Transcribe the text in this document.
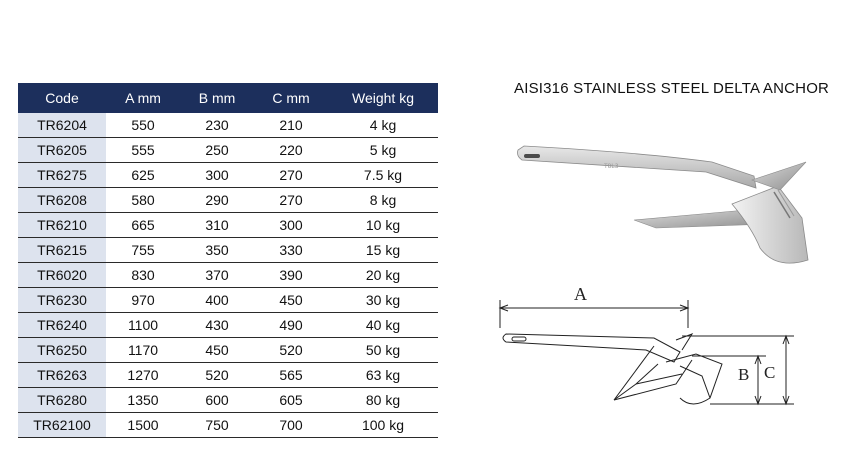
Code	A mm	B mm	C mm	Weight kg
TR6204	550	230	210	4 kg
TR6205	555	250	220	5 kg
TR6275	625	300	270	7.5 kg
TR6208	580	290	270	8 kg
TR6210	665	310	300	10 kg
TR6215	755	350	330	15 kg
TR6020	830	370	390	20 kg
TR6230	970	400	450	30 kg
TR6240	1100	430	490	40 kg
TR6250	1170	450	520	50 kg
TR6263	1270	520	565	63 kg
TR6280	1350	600	605	80 kg
TR62100	1500	750	700	100 kg
AISI316 STAINLESS STEEL DELTA ANCHOR
T8L3
A
B C
